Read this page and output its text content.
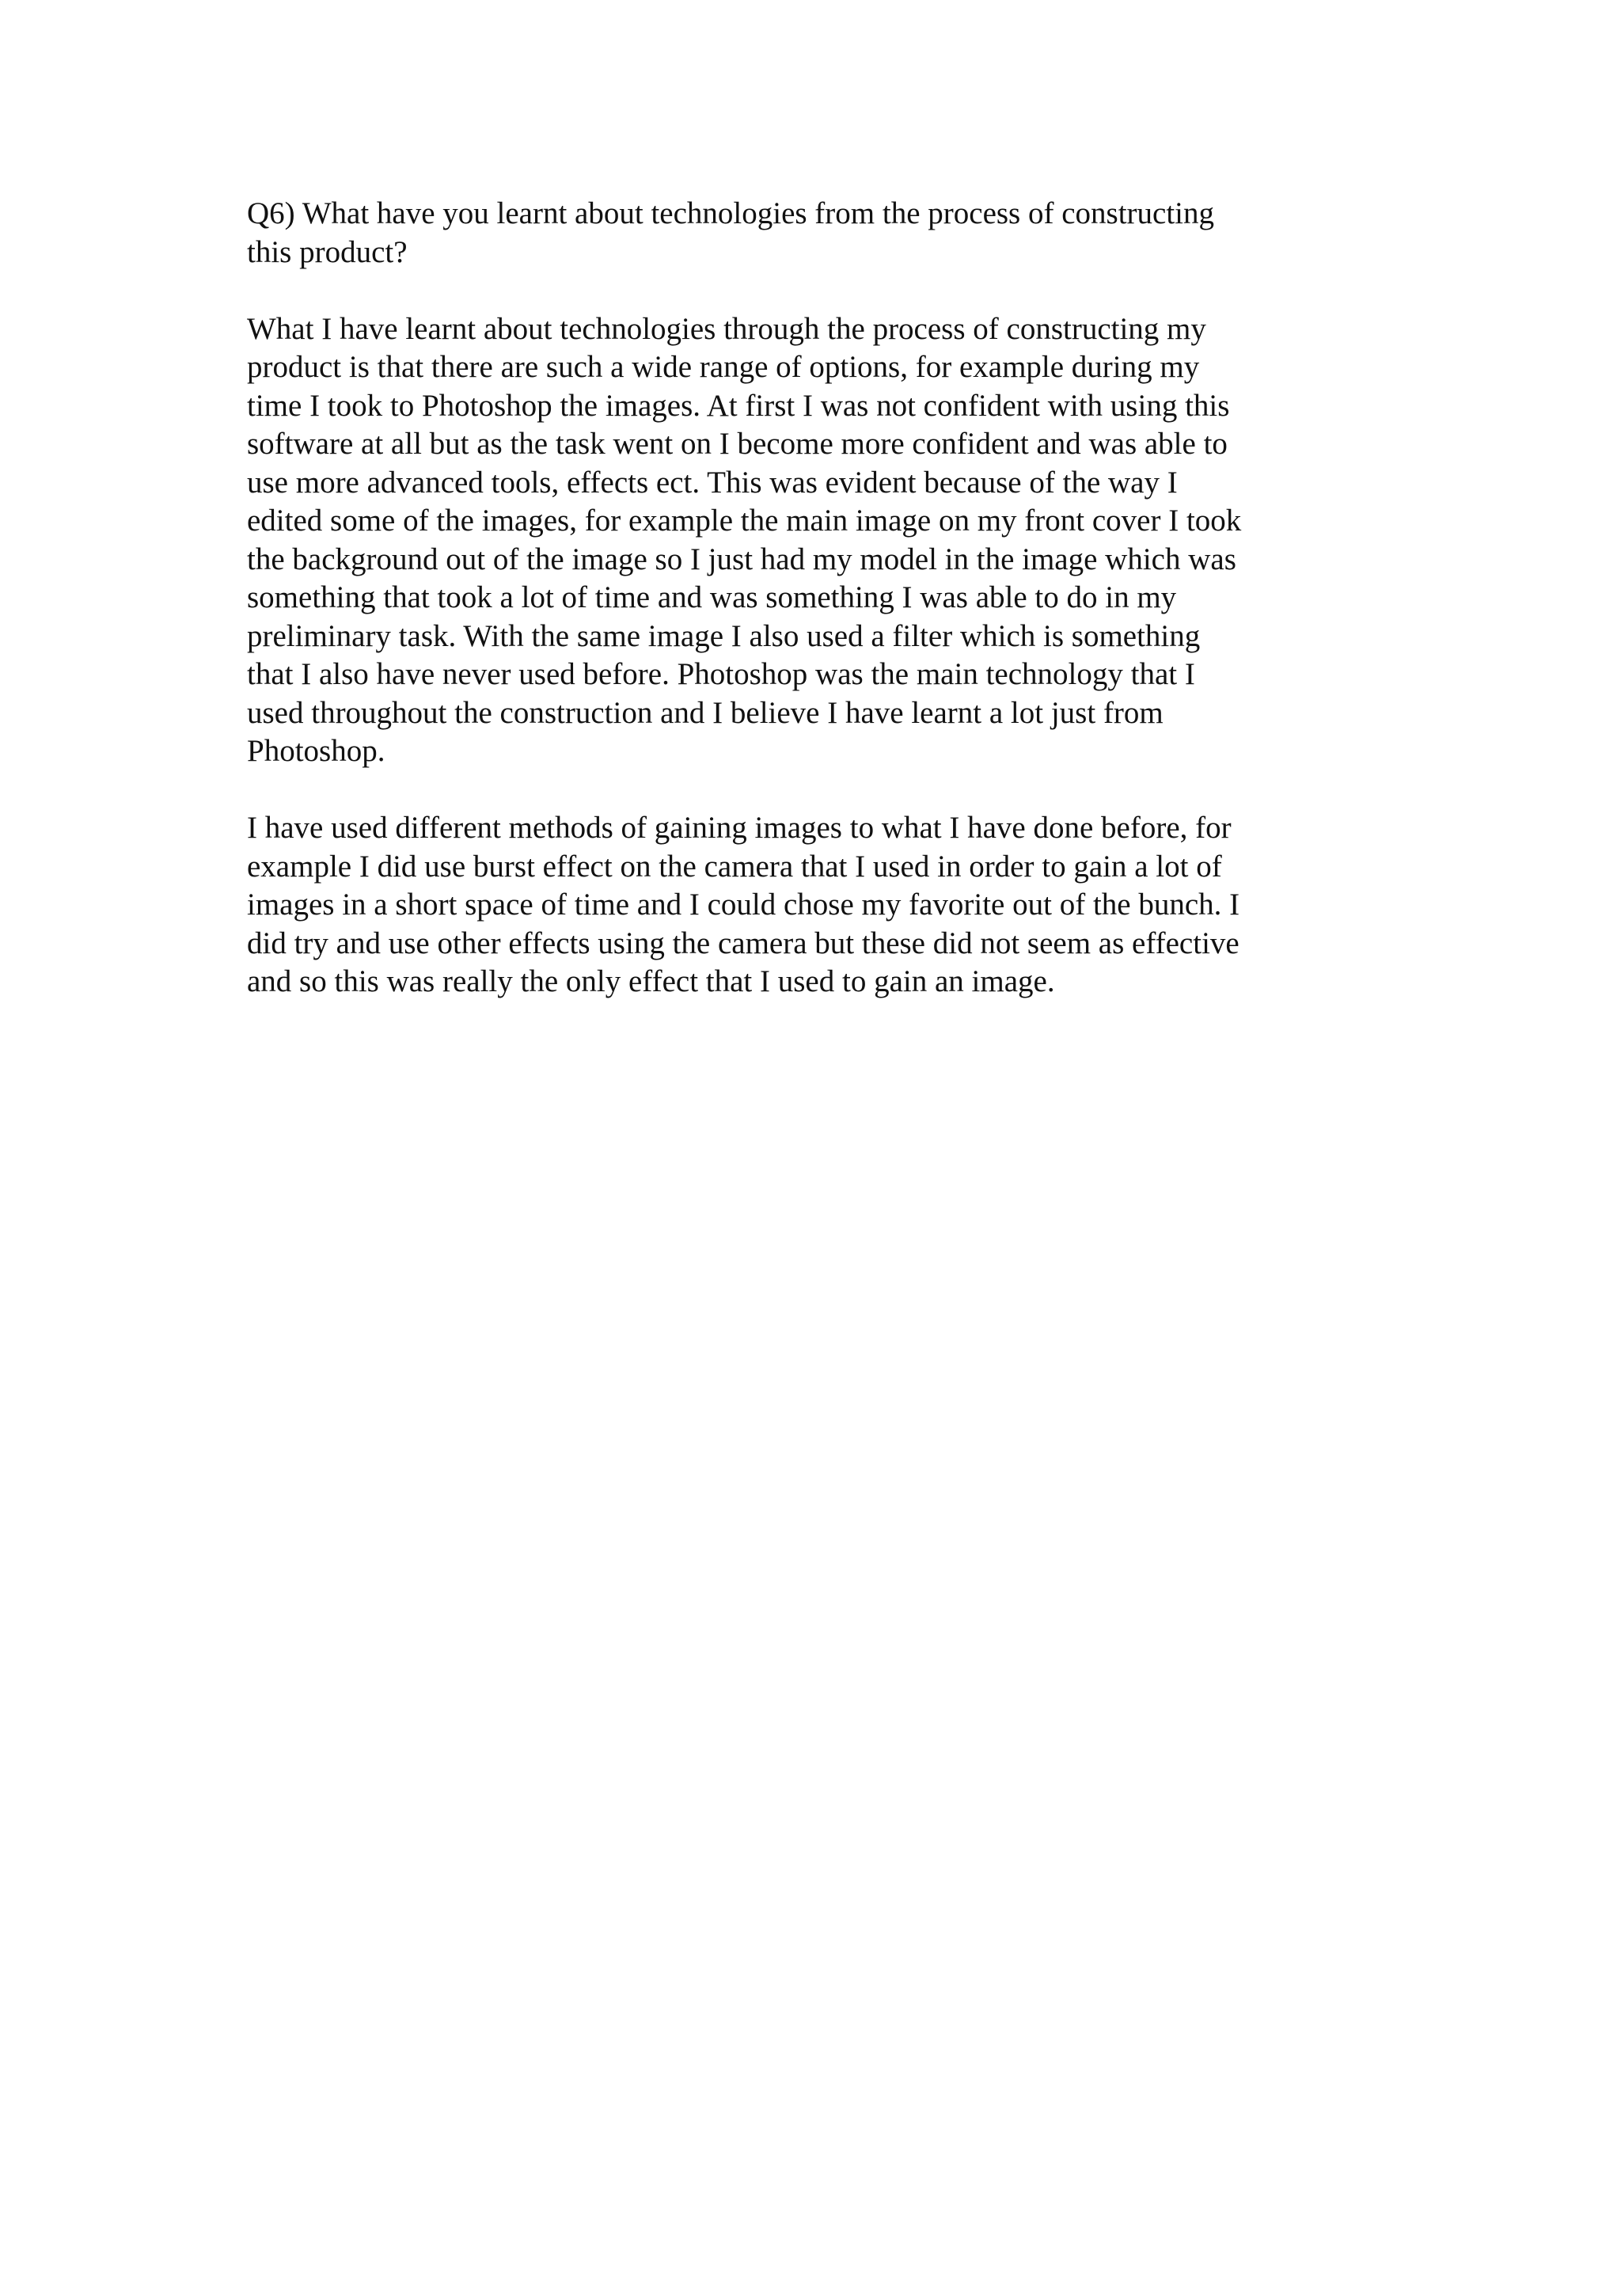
Q6) What have you learnt about technologies from the process of constructing
this product?

What I have learnt about technologies through the process of constructing my
product is that there are such a wide range of options, for example during my
time I took to Photoshop the images. At first I was not confident with using this
software at all but as the task went on I become more confident and was able to
use more advanced tools, effects ect. This was evident because of the way I
edited some of the images, for example the main image on my front cover I took
the background out of the image so I just had my model in the image which was
something that took a lot of time and was something I was able to do in my
preliminary task. With the same image I also used a filter which is something
that I also have never used before. Photoshop was the main technology that I
used throughout the construction and I believe I have learnt a lot just from
Photoshop.

I have used different methods of gaining images to what I have done before, for
example I did use burst effect on the camera that I used in order to gain a lot of
images in a short space of time and I could chose my favorite out of the bunch. I
did try and use other effects using the camera but these did not seem as effective
and so this was really the only effect that I used to gain an image.
